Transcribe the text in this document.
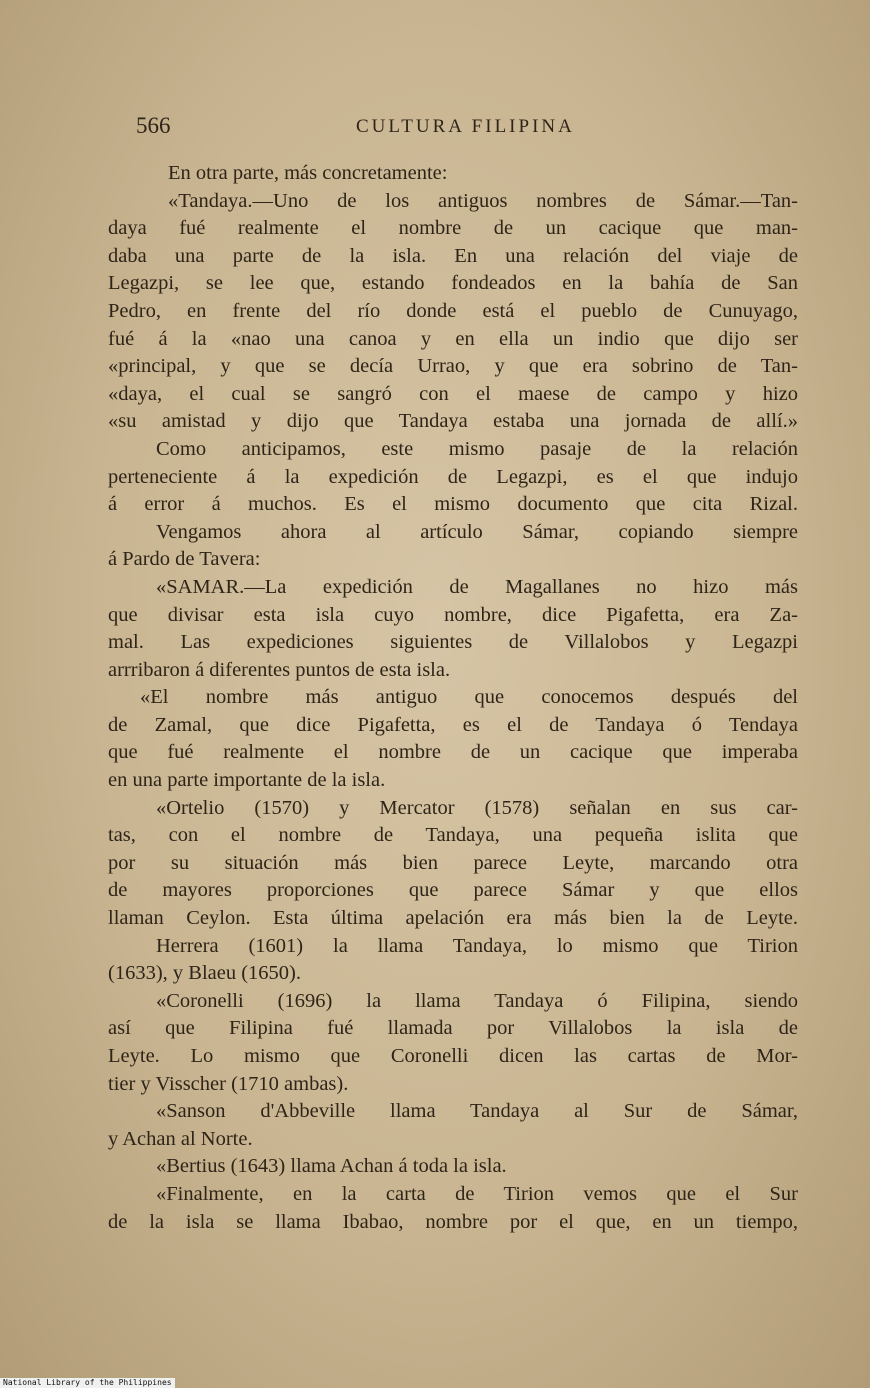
566	CULTURA FILIPINA
En otra parte, más concretamente:
«Tandaya.—Uno de los antiguos nombres de Sámar.—Tan-
daya fué realmente el nombre de un cacique que man-
daba una parte de la isla. En una relación del viaje de
Legazpi, se lee que, estando fondeados en la bahía de San
Pedro, en frente del río donde está el pueblo de Cunuyago,
fué á la «nao una canoa y en ella un indio que dijo ser
«principal, y que se decía Urrao, y que era sobrino de Tan-
«daya, el cual se sangró con el maese de campo y hizo
«su amistad y dijo que Tandaya estaba una jornada de allí.»
Como anticipamos, este mismo pasaje de la relación
perteneciente á la expedición de Legazpi, es el que indujo
á error á muchos. Es el mismo documento que cita Rizal.
Vengamos ahora al artículo Sámar, copiando siempre
á Pardo de Tavera:
«SAMAR.—La expedición de Magallanes no hizo más
que divisar esta isla cuyo nombre, dice Pigafetta, era Za-
mal. Las expediciones siguientes de Villalobos y Legazpi
arrribaron á diferentes puntos de esta isla.
«El nombre más antiguo que conocemos después del
de Zamal, que dice Pigafetta, es el de Tandaya ó Tendaya
que fué realmente el nombre de un cacique que imperaba
en una parte importante de la isla.
«Ortelio (1570) y Mercator (1578) señalan en sus car-
tas, con el nombre de Tandaya, una pequeña islita que
por su situación más bien parece Leyte, marcando otra
de mayores proporciones que parece Sámar y que ellos
llaman Ceylon. Esta última apelación era más bien la de Leyte.
Herrera (1601) la llama Tandaya, lo mismo que Tirion
(1633), y Blaeu (1650).
«Coronelli (1696) la llama Tandaya ó Filipina, siendo
así que Filipina fué llamada por Villalobos la isla de
Leyte. Lo mismo que Coronelli dicen las cartas de Mor-
tier y Visscher (1710 ambas).
«Sanson d'Abbeville llama Tandaya al Sur de Sámar,
y Achan al Norte.
«Bertius (1643) llama Achan á toda la isla.
«Finalmente, en la carta de Tirion vemos que el Sur
de la isla se llama Ibabao, nombre por el que, en un tiempo,
National Library of the Philippines
